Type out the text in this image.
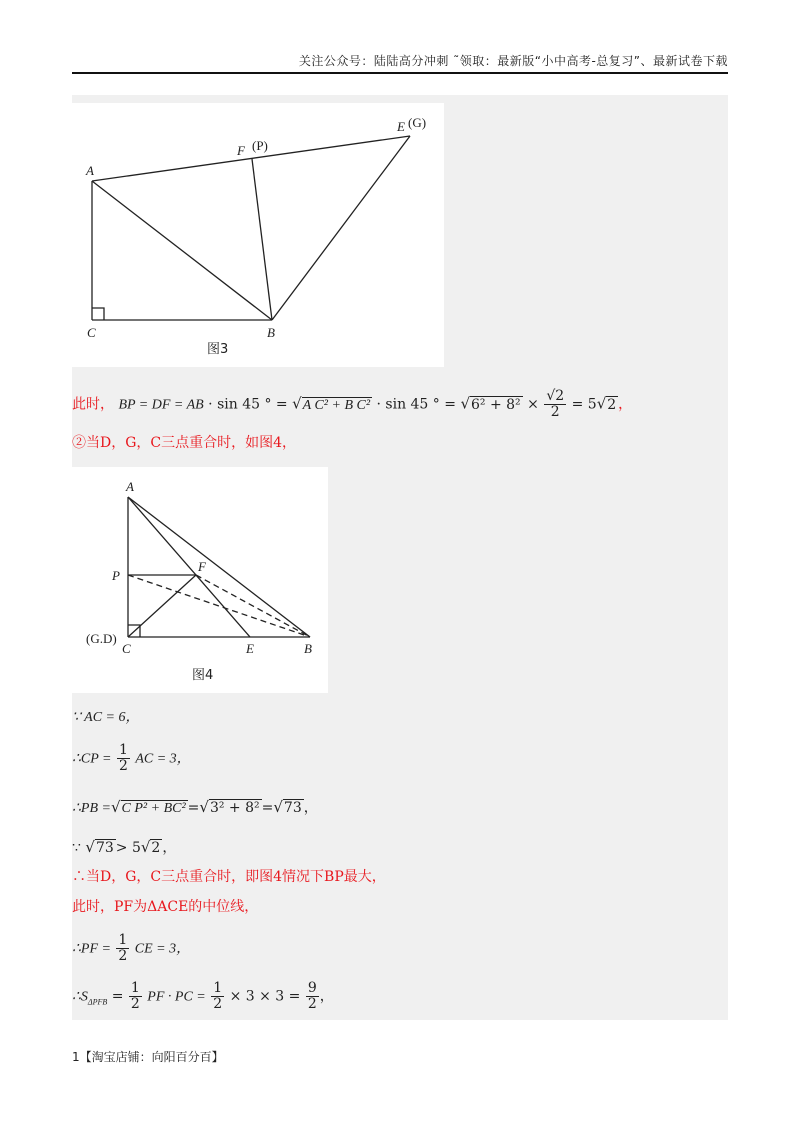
关注公众号：陆陆高分冲刺 ˜领取：最新版“小中高考-总复习”、最新试卷下载
A
C	B
F (P)
E (G)
图3
此时， BP = DF = AB · sin 45 ° = √A C² + B C² · sin 45 ° = $√6^2 + 8^2 \times \frac{√2}{2} = 5√2$ ，
②当D，G，C三点重合时，如图4，
A
P
F
C
(G.D)
E	B
图4
∵ AC = 6，
∴CP = $\frac{1}{2}$ AC = 3，
∴PB =√C P² + BC² =√3² + 8² =√73 ，
∵ √73 > 5√2 ，
∴当D，G，C三点重合时，即图4情况下BP最大，
此时，PF为ΔACE的中位线，
∴PF = $\frac{1}{2}$ CE = 3，
$\therefore S_{\Delta PFB} = \frac{1}{2}$ PF · PC = $\frac{1}{2} \times 3 \times 3 = \frac{9}{2}$ ，
1【淘宝店铺：向阳百分百】
